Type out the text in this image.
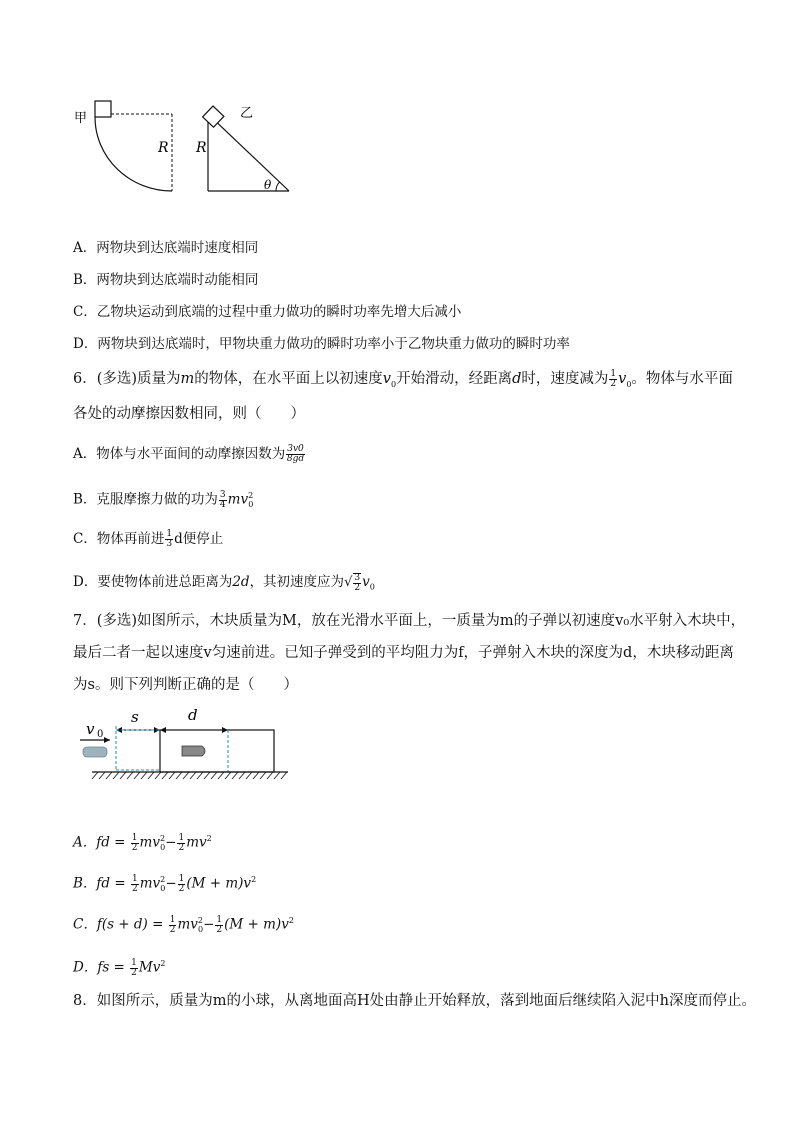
甲
R
乙
R
θ
A．两物块到达底端时速度相同
B．两物块到达底端时动能相同
C．乙物块运动到底端的过程中重力做功的瞬时功率先增大后减小
D．两物块到达底端时，甲物块重力做功的瞬时功率小于乙物块重力做功的瞬时功率
6．(多选)质量为m的物体，在水平面上以初速度$v_0$开始滑动，经距离d时，速度减为 $\frac{1}{2} v_0$。物体与水平面
各处的动摩擦因数相同，则（　　）
A．物体与水平面间的动摩擦因数为 $\frac{3v0}{8gd}$
B．克服摩擦力做的功为 $\frac{3}{4} mv^2_0$
C．物体再前进 $\frac{1}{3}$ d便停止
D．要使物体前进总距离为2d，其初速度应为√ $\frac{3}{2} v_0$
7．(多选)如图所示，木块质量为M，放在光滑水平面上，一质量为m的子弹以初速度v₀水平射入木块中，
最后二者一起以速度v匀速前进。已知子弹受到的平均阻力为f，子弹射入木块的深度为d，木块移动距离
为s。则下列判断正确的是（　　）
v 0
s	d
A．fd = $\frac{1}{2} mv^2_0- \frac{1}{2} mv^2$
B．fd = $\frac{1}{2} mv^2_0- \frac{1}{2} (M + m)v^2$
C．$f(s + d) = \frac{1}{2} mv^2_0- \frac{1}{2} (M + m)v^2$
D．fs = $\frac{1}{2} Mv^2$
8．如图所示，质量为m的小球，从离地面高H处由静止开始释放，落到地面后继续陷入泥中h深度而停止。
